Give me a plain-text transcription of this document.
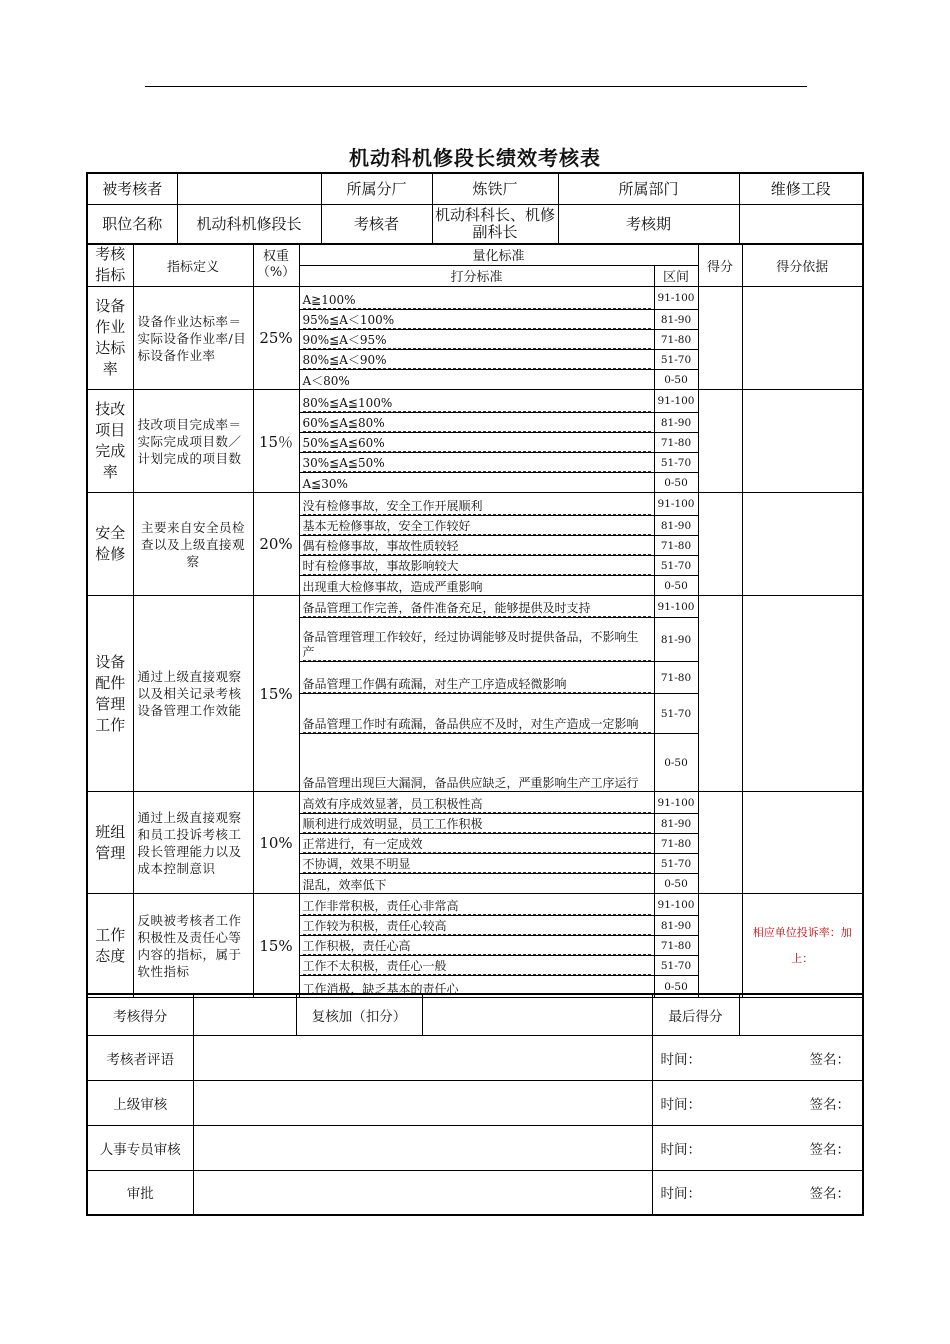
机动科机修段长绩效考核表
被考核者		所属分厂	炼铁厂	所属部门	维修工段
职位名称	机动科机修段长	考核者	机动科科长、机修副科长	考核期	
考核指标	指标定义	权重（%）	量化标准		得分	得分依据
			打分标准	区间		
设备作业达标率	设备作业达标率＝实际设备作业率/目标设备作业率	25%	A≧100%	91-100		

			95%≦A＜100%	81-90		

			90%≦A＜95%	71-80		

			80%≦A＜90%	51-70		

			A＜80%	0-50		
技改项目完成率	技改项目完成率＝实际完成项目数／计划完成的项目数	15％	80%≦A≦100%	91-100		

			60%≦A≦80%	81-90		

			50%≦A≦60%	71-80		

			30%≦A≦50%	51-70		

			A≦30%	0-50		
安全检修	主要来自安全员检查以及上级直接观察	20%	没有检修事故，安全工作开展顺利	91-100		

			基本无检修事故，安全工作较好	81-90		

			偶有检修事故，事故性质较轻	71-80		

			时有检修事故，事故影响较大	51-70		

			出现重大检修事故，造成严重影响	0-50		
设备配件管理工作	通过上级直接观察以及相关记录考核设备管理工作效能	15%	备品管理工作完善，备件准备充足，能够提供及时支持	91-100		

			备品管理管理工作较好，经过协调能够及时提供备品，不影响生产	81-90		

			备品管理工作偶有疏漏，对生产工序造成轻微影响	71-80		

			备品管理工作时有疏漏，备品供应不及时，对生产造成一定影响	51-70		

			备品管理出现巨大漏洞，备品供应缺乏，严重影响生产工序运行	0-50		
班组管理	通过上级直接观察和员工投诉考核工段长管理能力以及成本控制意识	10%	高效有序成效显著，员工积极性高	91-100		

			顺利进行成效明显，员工工作积极	81-90		

			正常进行，有一定成效	71-80		

			不协调，效果不明显	51-70		

			混乱，效率低下	0-50		
工作态度	反映被考核者工作积极性及责任心等内容的指标，属于软性指标	15%	工作非常积极，责任心非常高	91-100		相应单位投诉率：加上：

			工作较为积极，责任心较高	81-90		

			工作积极，责任心高	71-80		

			工作不太积极，责任心一般	51-70		

			工作消极，缺乏基本的责任心	0-50		
考核得分		复核加（扣分）		最后得分	
考核者评语				时间：	签名：
上级审核				时间：	签名：
人事专员审核				时间：	签名：
审批				时间：	签名：
